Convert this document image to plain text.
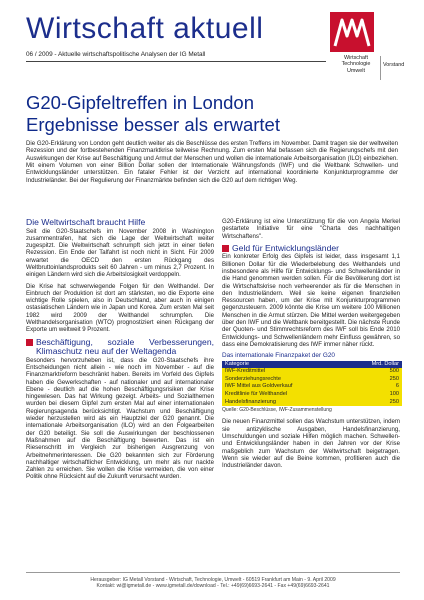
Wirtschaft aktuell
06 / 2009 - Aktuelle wirtschaftspolitische Analysen der IG Metall	Wirtschaft
Technologie
Umwelt
Vorstand
G20-Gipfeltreffen in London
Ergebnisse besser als erwartet
Die G20-Erklärung von London geht deutlich weiter als die Beschlüsse des ersten Treffens im November. Damit tragen sie der weltweiten Rezession und der fortbestehenden Finanzmarktkrise teilweise Rechnung. Zum ersten Mal befassen sich die Regierungschefs mit den Auswirkungen der Krise auf Beschäftigung und Armut der Menschen und wollen die internationale Arbeitsorganisation (ILO) einbeziehen. Mit einem Volumen von einer Billion Dollar sollen der Internationale Währungsfonds (IWF) und die Weltbank Schwellen- und Entwicklungsländer unterstützen. Ein fataler Fehler ist der Verzicht auf international koordinierte Konjunkturprogramme der Industrieländer. Bei der Regulierung der Finanzmärkte befinden sich die G20 auf dem richtigen Weg.
Die Weltwirtschaft braucht Hilfe

Seit die G20-Staatschefs im November 2008 in Washington zusammentrafen, hat sich die Lage der Weltwirtschaft weiter zugespitzt. Die Weltwirtschaft schrumpft sich jetzt in einer tiefen Rezession. Ein Ende der Talfahrt ist noch nicht in Sicht. Für 2009 erwartet die OECD den ersten Rückgang des Weltbruttoinlandsprodukts seit 60 Jahren - um minus 2,7 Prozent. In einigen Ländern wird sich die Arbeitslosigkeit verdoppeln.

Die Krise hat schwerwiegende Folgen für den Welthandel. Der Einbruch der Produktion ist dort am stärksten, wo die Exporte eine wichtige Rolle spielen, also in Deutschland, aber auch in einigen ostasiatischen Ländern wie in Japan und Korea. Zum ersten Mal seit 1982 wird 2009 der Welthandel schrumpfen. Die Welthandelsorganisation (WTO) prognostiziert einen Rückgang der Exporte um weltweit 9 Prozent.

Beschäftigung, soziale Verbesserungen, Klimaschutz neu auf der Weltagenda

Besonders hervorzuheben ist, dass die G20-Staatschefs ihre Entscheidungen nicht allein - wie noch im November - auf die Finanzmarktreform beschränkt haben. Bereits im Vorfeld des Gipfels haben die Gewerkschaften - auf nationaler und auf internationaler Ebene - deutlich auf die hohen Beschäftigungsrisiken der Krise hingewiesen. Das hat Wirkung gezeigt. Arbeits- und Sozialthemen wurden bei diesem Gipfel zum ersten Mal auf einer internationalen Regierungsagenda berücksichtigt. Wachstum und Beschäftigung wieder herzustellen wird als ein Hauptziel der G20 genannt. Die internationale Arbeitsorganisation (ILO) wird an den Folgearbeiten der G20 beteiligt. Sie soll die Auswirkungen der beschlossenen Maßnahmen auf die Beschäftigung bewerten. Das ist ein Riesenschritt im Vergleich zur bisherigen Ausgrenzung von Arbeitnehmerinteressen. Die G20 bekannten sich zur Förderung nachhaltiger wirtschaftlicher Entwicklung, um mehr als nur nackte Zahlen zu erreichen. Sie wollen die Krise vermeiden, die von einer Politik ohne Rücksicht auf die Zukunft verursacht wurden.

G20-Erklärung ist eine Unterstützung für die von Angela Merkel gestartete Initiative für eine "Charta des nachhaltigen Wirtschaftens".

Geld für Entwicklungsländer

Ein konkreter Erfolg des Gipfels ist leider, dass insgesamt 1,1 Billionen Dollar für die Wiederbelebung des Welthandels und insbesondere als Hilfe für Entwicklungs- und Schwellenländer in die Hand genommen werden sollen. Für die Bevölkerung dort ist die Wirtschaftskrise noch verheerender als für die Menschen in den Industrieländern. Weil sie keine eigenen finanziellen Ressourcen haben, um der Krise mit Konjunkturprogrammen gegenzusteuern. 2009 könnte die Krise um weitere 100 Millionen Menschen in die Armut stürzen. Die Mittel werden weitergegeben über den IWF und die Weltbank bereitgestellt. Die nächste Runde der Quoten- und Stimmrechtsreform des IWF soll bis Ende 2010 Entwicklungs- und Schwellenländern mehr Einfluss gewähren, so dass eine Demokratisierung des IWF immer näher rückt.

Das internationale Finanzpaket der G20
Kategorie	Mrd. Dollar
IWF-Kreditmittel	500
Sonderziehungsrechte	250
IWF Mittel aus Goldverkauf	6
Kreditlinie für Welthandel	100
Handelsfinanzierung	250
Quelle: G20-Beschlüsse, IWF-Zusammenstellung

Die neuen Finanzmittel sollen das Wachstum unterstützen, indem sie antizyklische Ausgaben, Handelsfinanzierung, Umschuldungen und soziale Hilfen möglich machen. Schwellen- und Entwicklungsländer haben in den Jahren vor der Krise maßgeblich zum Wachstum der Weltwirtschaft beigetragen. Wenn sie wieder auf die Beine kommen, profitieren auch die Industrieländer davon.

Herausgeber: IG Metall Vorstand - Wirtschaft, Technologie, Umwelt - 60519 Frankfurt am Main - 9. April 2009
Kontakt: wi@igmetall.de - www.igmetall.de/download - Tel.: +49(69)6693-2641 - Fax +49(69)6693-2641
